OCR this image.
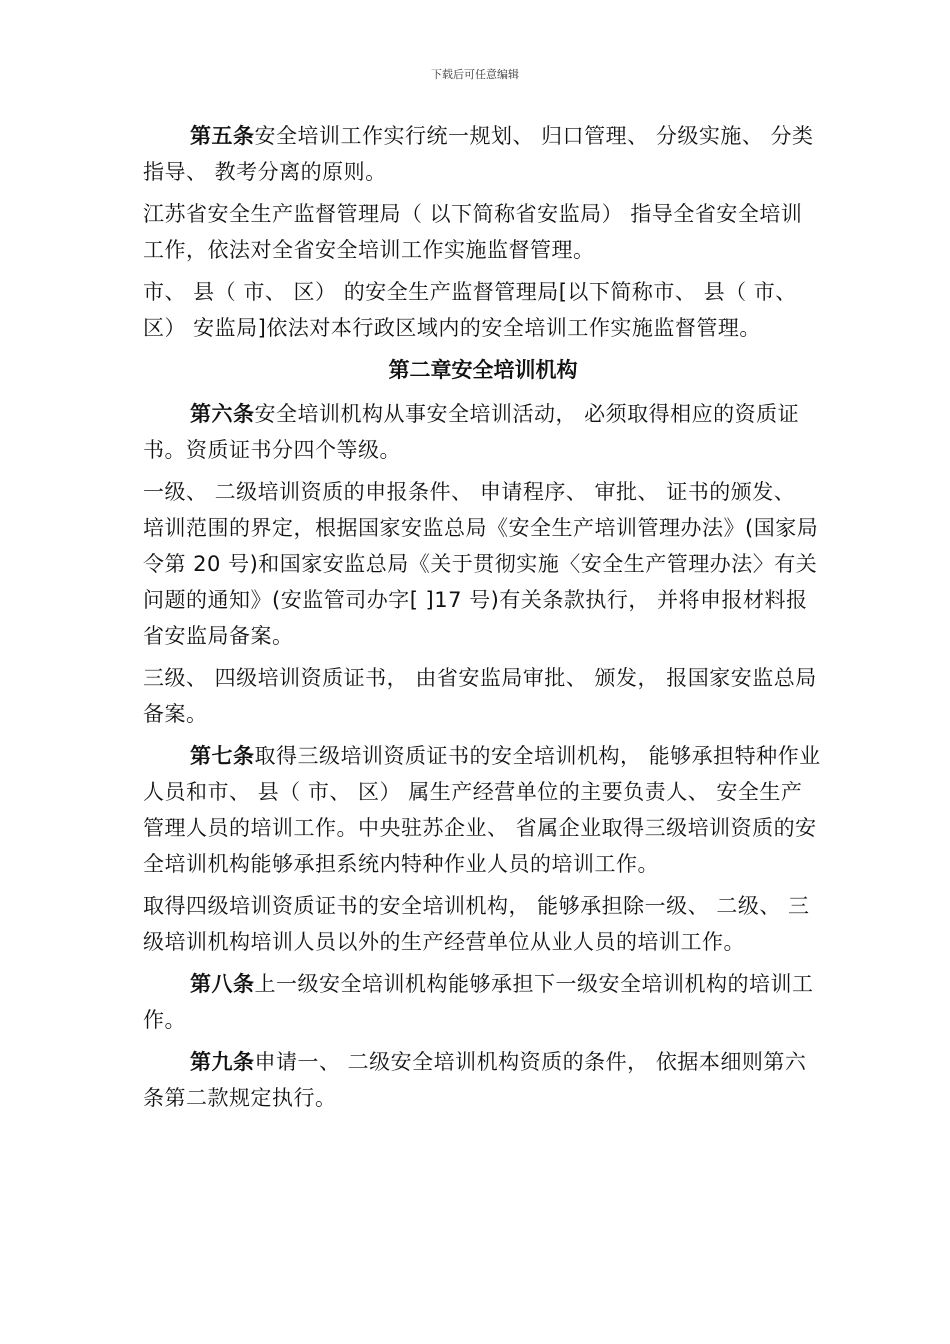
下载后可任意编辑

第五条安全培训工作实行统一规划、 归口管理、 分级实施、 分类指导、 教考分离的原则。

江苏省安全生产监督管理局（ 以下简称省安监局） 指导全省安全培训工作，依法对全省安全培训工作实施监督管理。

市、 县（ 市、 区） 的安全生产监督管理局[以下简称市、 县（ 市、 区） 安监局]依法对本行政区域内的安全培训工作实施监督管理。

第二章安全培训机构

第六条安全培训机构从事安全培训活动， 必须取得相应的资质证书。资质证书分四个等级。

一级、 二级培训资质的申报条件、 申请程序、 审批、 证书的颁发、 培训范围的界定，根据国家安监总局《安全生产培训管理办法》(国家局令第 20 号)和国家安监总局《关于贯彻实施〈安全生产管理办法〉有关问题的通知》(安监管司办字[ ]17 号)有关条款执行， 并将申报材料报省安监局备案。

三级、 四级培训资质证书， 由省安监局审批、 颁发， 报国家安监总局备案。

第七条取得三级培训资质证书的安全培训机构， 能够承担特种作业人员和市、 县（ 市、 区） 属生产经营单位的主要负责人、 安全生产管理人员的培训工作。中央驻苏企业、 省属企业取得三级培训资质的安全培训机构能够承担系统内特种作业人员的培训工作。

取得四级培训资质证书的安全培训机构， 能够承担除一级、 二级、 三级培训机构培训人员以外的生产经营单位从业人员的培训工作。

第八条上一级安全培训机构能够承担下一级安全培训机构的培训工作。

第九条申请一、 二级安全培训机构资质的条件， 依据本细则第六条第二款规定执行。
